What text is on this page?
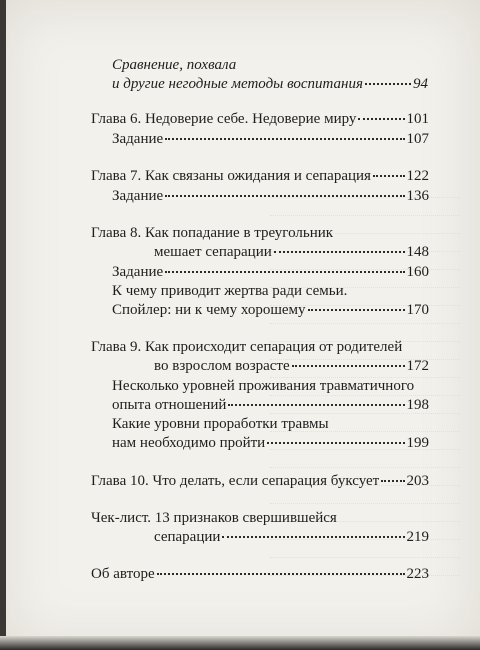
Сравнение, похвала
и другие негодные методы воспитания	94
Глава 6. Недоверие себе. Недоверие миру	101
Задание	107
Глава 7. Как связаны ожидания и сепарация 122
Задание	136
Глава 8. Как попадание в треугольник
мешает сепарации	148
Задание	160
К чему приводит жертва ради семьи.
Спойлер: ни к чему хорошему	170
Глава 9. Как происходит сепарация от родителей
во взрослом возрасте	172
Несколько уровней проживания травматичного
опыта отношений	198
Какие уровни проработки травмы
нам необходимо пройти	199
Глава 10. Что делать, если сепарация буксует 203
Чек-лист. 13 признаков свершившейся
сепарации	219
Об авторе	223
